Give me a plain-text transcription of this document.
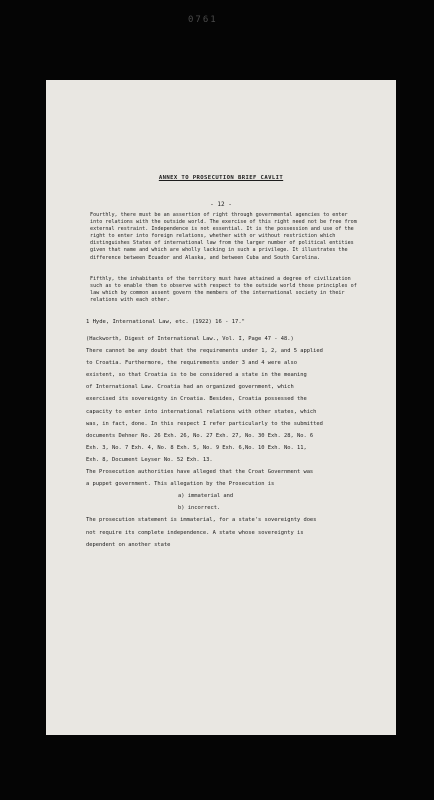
0761
ANNEX TO PROSECUTION BRIEF CAVLIT
- 12 -
Fourthly, there must be an assertion of right through governmental agencies to enter into relations with the outside world. The exercise of this right need not be free from external restraint. Independence is not essential. It is the possession and use of the right to enter into foreign relations, whether with or without restriction which distinguishes States of international law from the larger number of political entities given that name and which are wholly lacking in such a privilege. It illustrates the difference between Ecuador and Alaska, and between Cuba and South Carolina.
Fifthly, the inhabitants of the territory must have attained a degree of civilization such as to enable them to observe with respect to the outside world those principles of law which by common assent govern the members of the international society in their relations with each other.
1 Hyde, International Law, etc. (1922) 16 - 17."

(Hackworth, Digest of International Law., Vol. I, Page 47 - 48.)

There cannot be any doubt that the requirements under 1, 2, and 5 applied

to Croatia. Furthermore, the requirements under 3 and 4 were also

existent, so that Croatia is to be considered a state in the meaning

of International Law. Croatia had an organized government, which

exercised its sovereignty in Croatia. Besides, Croatia possessed the

capacity to enter into international relations with other states, which

was, in fact, done. In this respect I refer particularly to the submitted

documents Dehner No. 26 Exh. 26, No. 27 Exh. 27, No. 30 Exh. 28, No. 6

Exh. 3, No. 7 Exh. 4, No. 8 Exh. 5, No. 9 Exh. 6,No. 10 Exh. No. 11,

Exh. 8, Document Leyser No. 52 Exh. 13.

The Prosecution authorities have alleged that the Croat Government was

a puppet government. This allegation by the Prosecution is

a) immaterial and

b) incorrect.

The prosecution statement is immaterial, for a state's sovereignty does

not require its complete independence. A state whose sovereignty is

dependent on another state
